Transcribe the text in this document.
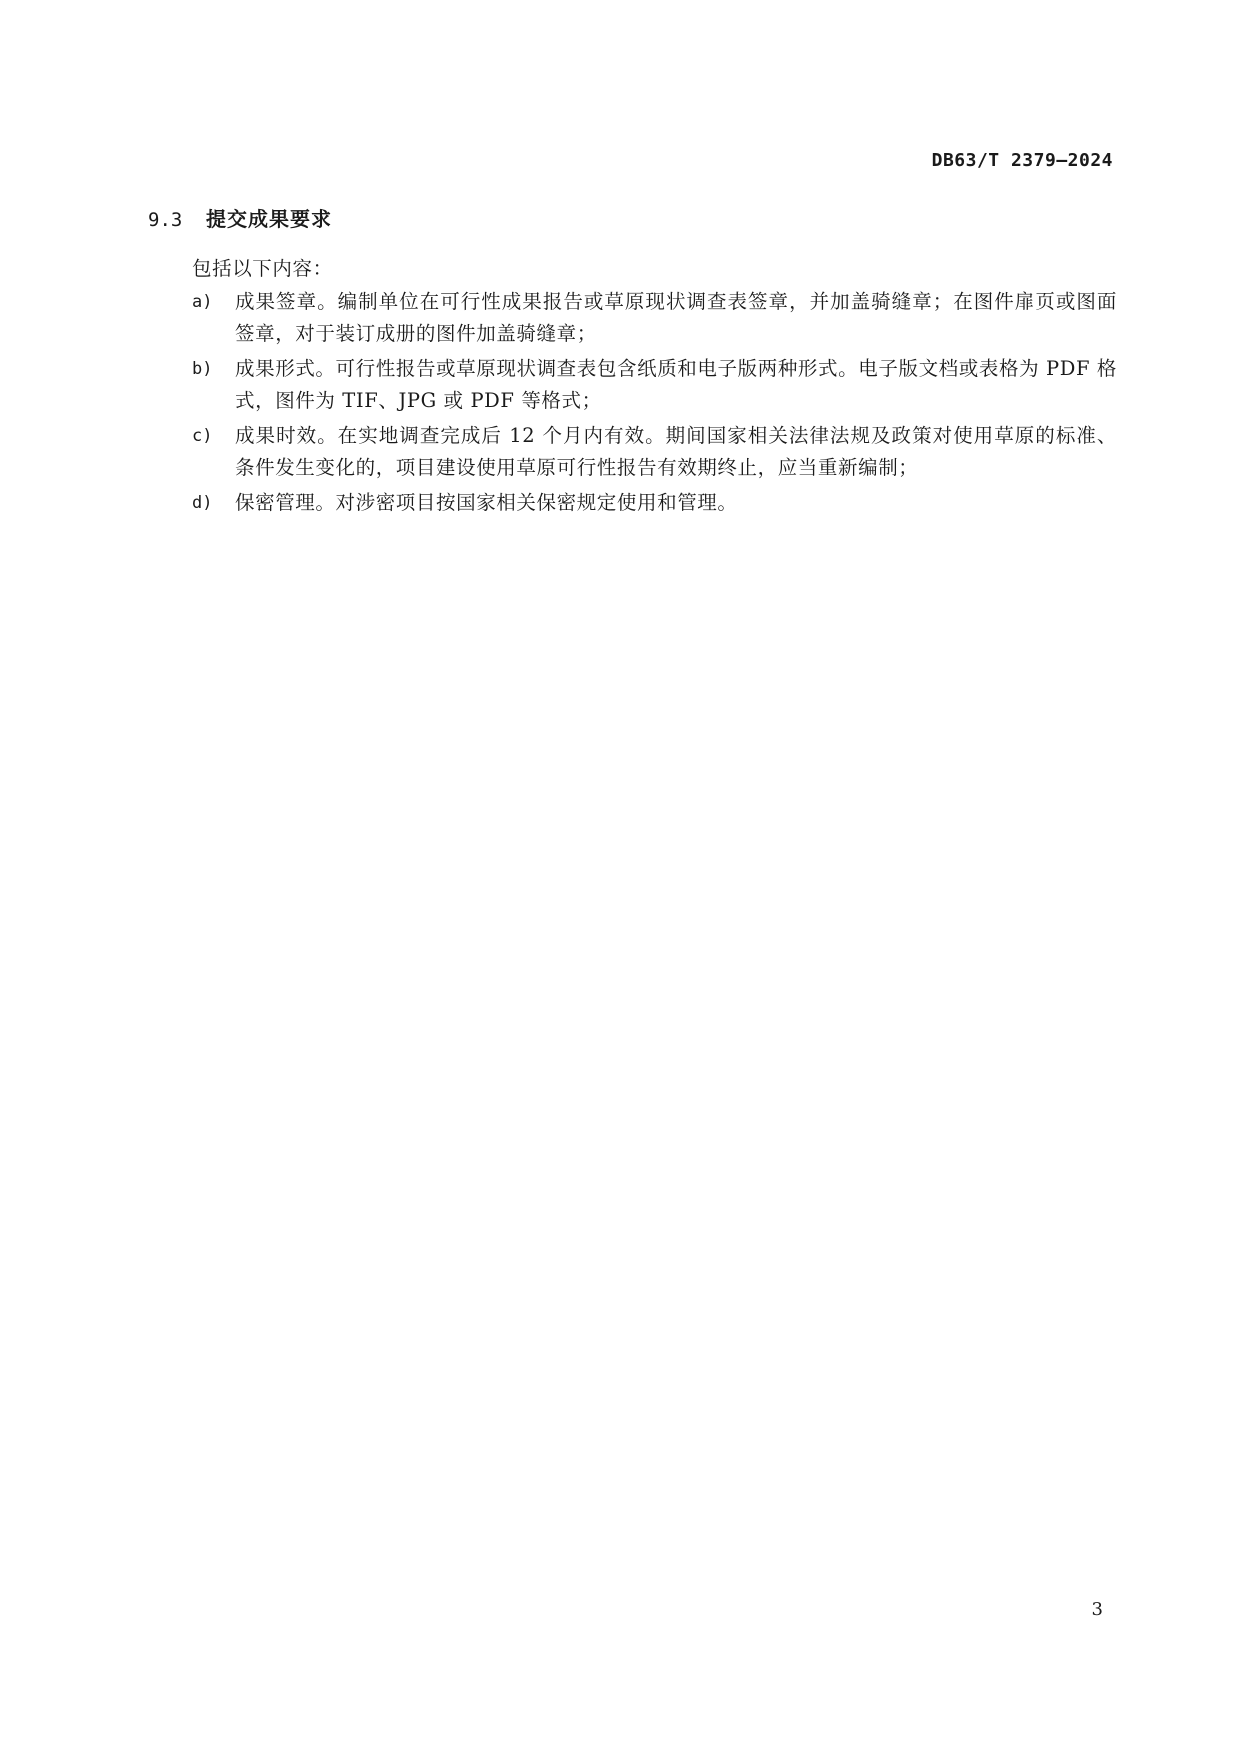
DB63/T 2379—2024
9.3	提交成果要求
包括以下内容：
a)	成果签章。编制单位在可行性成果报告或草原现状调查表签章，并加盖骑缝章；在图件扉页或图面签章，对于装订成册的图件加盖骑缝章；
b)	成果形式。可行性报告或草原现状调查表包含纸质和电子版两种形式。电子版文档或表格为 PDF 格式，图件为 TIF、JPG 或 PDF 等格式；
c)	成果时效。在实地调查完成后 12 个月内有效。期间国家相关法律法规及政策对使用草原的标准、条件发生变化的，项目建设使用草原可行性报告有效期终止，应当重新编制；
d)	保密管理。对涉密项目按国家相关保密规定使用和管理。
3
